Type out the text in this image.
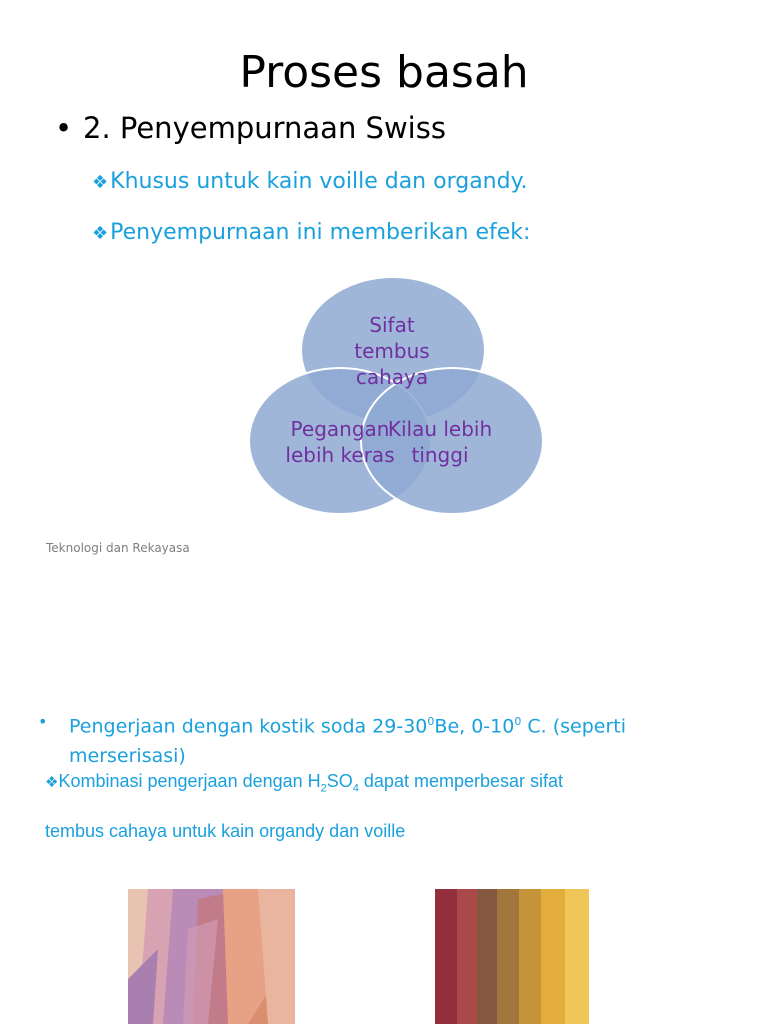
Proses basah
• 2. Penyempurnaan Swiss
❖Khusus untuk kain voille dan organdy.
❖Penyempurnaan ini memberikan efek:
Sifat
tembus
cahaya
Pegangan
lebih keras
Kilau lebih
tinggi
Teknologi dan Rekayasa
• Pengerjaan dengan kostik soda $29-30^0Be$, $0-10^0$ C. (seperti
merserisasi)
❖Kombinasi pengerjaan dengan $H_2SO_4$ dapat memperbesar sifat
tembus cahaya untuk kain organdy dan voille
